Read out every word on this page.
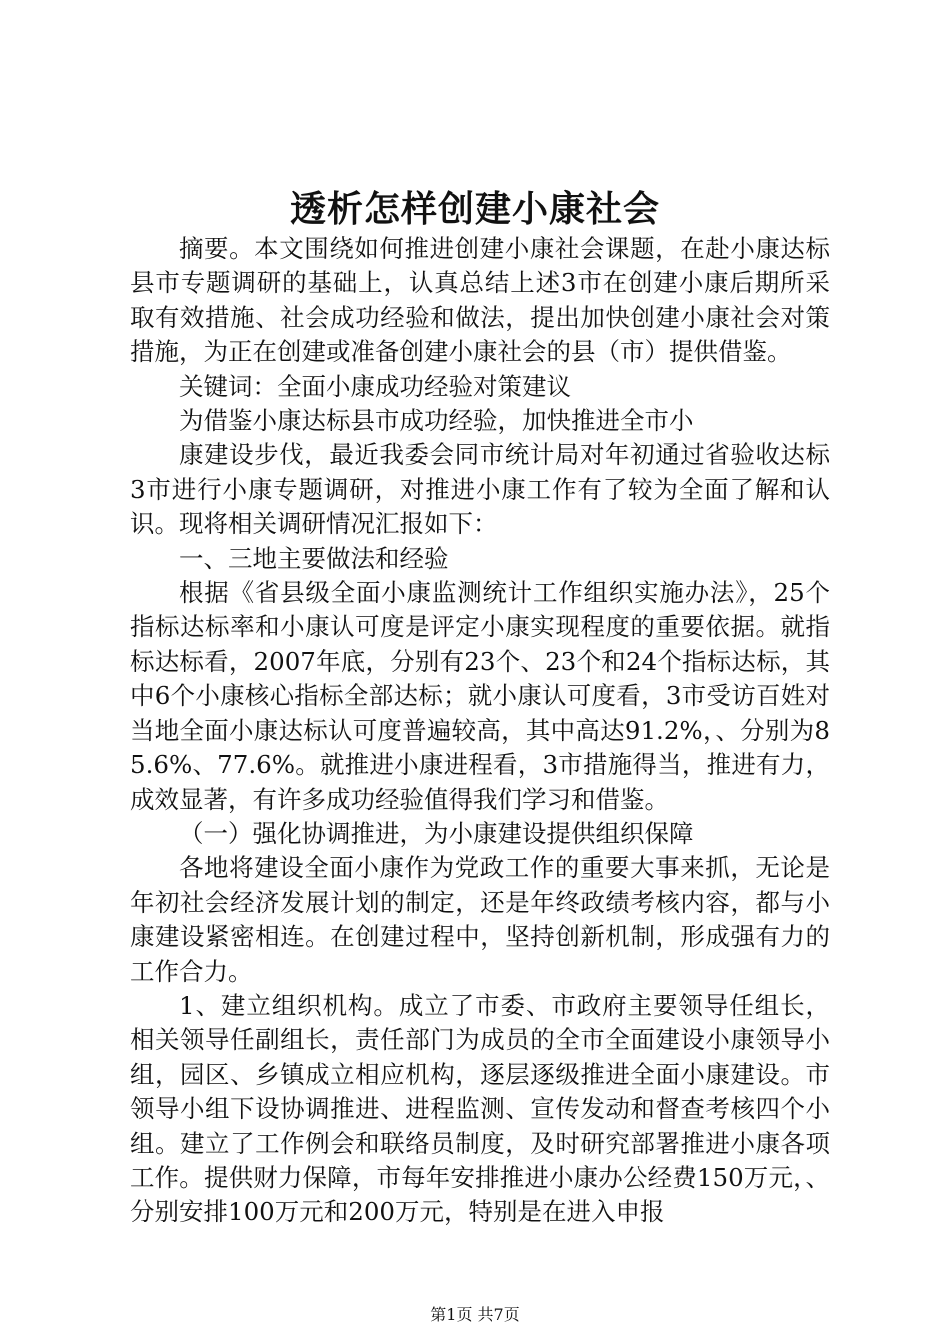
透析怎样创建小康社会

摘要。本文围绕如何推进创建小康社会课题，在赴小康达标县市专题调研的基础上，认真总结上述3市在创建小康后期所采取有效措施、社会成功经验和做法，提出加快创建小康社会对策措施，为正在创建或准备创建小康社会的县（市）提供借鉴。

关键词：全面小康成功经验对策建议

为借鉴小康达标县市成功经验，加快推进全市小

康建设步伐，最近我委会同市统计局对年初通过省验收达标3市进行小康专题调研，对推进小康工作有了较为全面了解和认识。现将相关调研情况汇报如下：

一、三地主要做法和经验

根据《省县级全面小康监测统计工作组织实施办法》，25个指标达标率和小康认可度是评定小康实现程度的重要依据。就指标达标看，2007年底，分别有23个、23个和24个指标达标，其中6个小康核心指标全部达标；就小康认可度看，3市受访百姓对当地全面小康达标认可度普遍较高，其中高达91.2%，、分别为85.6%、77.6%。就推进小康进程看，3市措施得当，推进有力，成效显著，有许多成功经验值得我们学习和借鉴。

（一）强化协调推进，为小康建设提供组织保障

各地将建设全面小康作为党政工作的重要大事来抓，无论是年初社会经济发展计划的制定，还是年终政绩考核内容，都与小康建设紧密相连。在创建过程中，坚持创新机制，形成强有力的工作合力。

1、建立组织机构。成立了市委、市政府主要领导任组长，相关领导任副组长，责任部门为成员的全市全面建设小康领导小组，园区、乡镇成立相应机构，逐层逐级推进全面小康建设。市领导小组下设协调推进、进程监测、宣传发动和督查考核四个小组。建立了工作例会和联络员制度，及时研究部署推进小康各项工作。提供财力保障，市每年安排推进小康办公经费150万元，、分别安排100万元和200万元，特别是在进入申报

第1页 共7页
